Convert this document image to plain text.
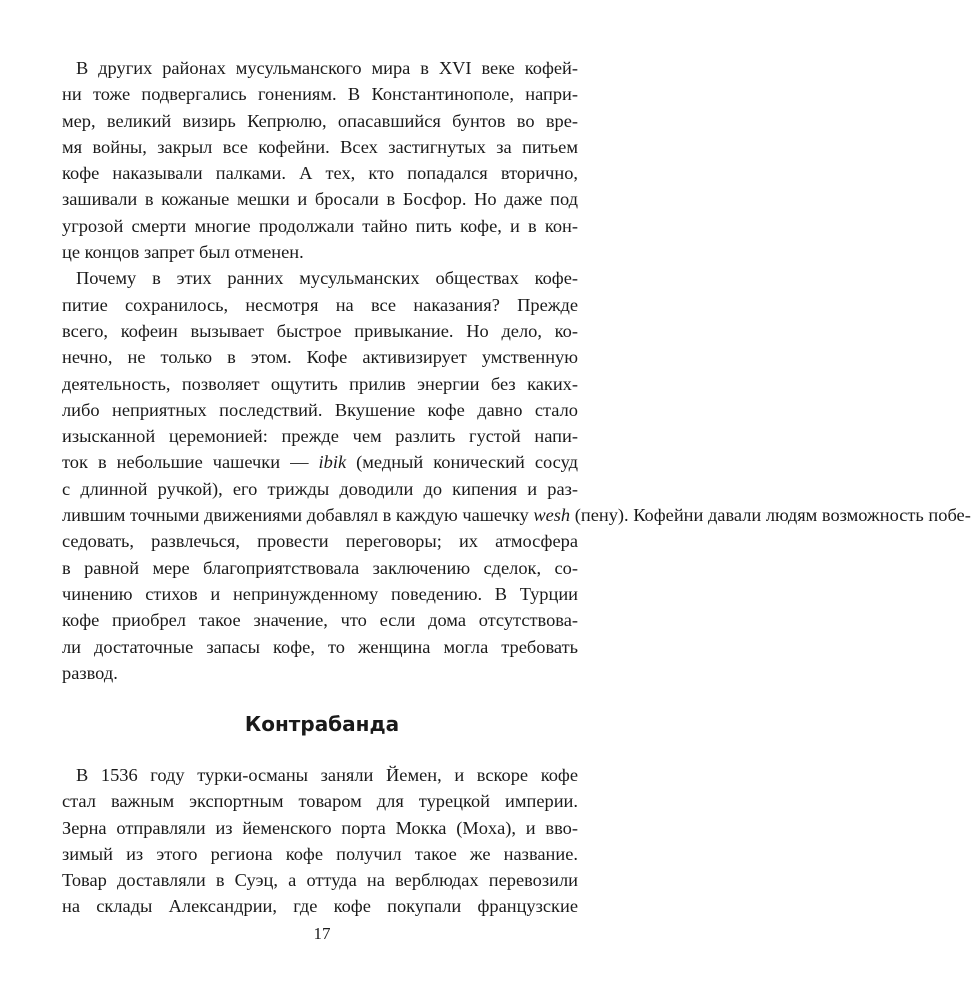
В других районах мусульманского мира в XVI веке кофей-
ни тоже подвергались гонениям. В Константинополе, напри-
мер, великий визирь Кепрюлю, опасавшийся бунтов во вре-
мя войны, закрыл все кофейни. Всех застигнутых за питьем
кофе наказывали палками. А тех, кто попадался вторично,
зашивали в кожаные мешки и бросали в Босфор. Но даже под
угрозой смерти многие продолжали тайно пить кофе, и в кон-
це концов запрет был отменен.
Почему в этих ранних мусульманских обществах кофе-
питие сохранилось, несмотря на все наказания? Прежде
всего, кофеин вызывает быстрое привыкание. Но дело, ко-
нечно, не только в этом. Кофе активизирует умственную
деятельность, позволяет ощутить прилив энергии без каких-
либо неприятных последствий. Вкушение кофе давно стало
изысканной церемонией: прежде чем разлить густой напи-
ток в небольшие чашечки — ibik (медный конический сосуд
с длинной ручкой), его трижды доводили до кипения и раз-
лившим точными движениями добавлял в каждую чашечку wesh (пену). Кофейни давали людям возможность побе-
седовать, развлечься, провести переговоры; их атмосфера
в равной мере благоприятствовала заключению сделок, со-
чинению стихов и непринужденному поведению. В Турции
кофе приобрел такое значение, что если дома отсутствова-
ли достаточные запасы кофе, то женщина могла требовать
развод.
Контрабанда
В 1536 году турки-османы заняли Йемен, и вскоре кофе
стал важным экспортным товаром для турецкой империи.
Зерна отправляли из йеменского порта Мокка (Moxa), и вво-
зимый из этого региона кофе получил такое же название.
Товар доставляли в Суэц, а оттуда на верблюдах перевозили
на склады Александрии, где кофе покупали французские
17
